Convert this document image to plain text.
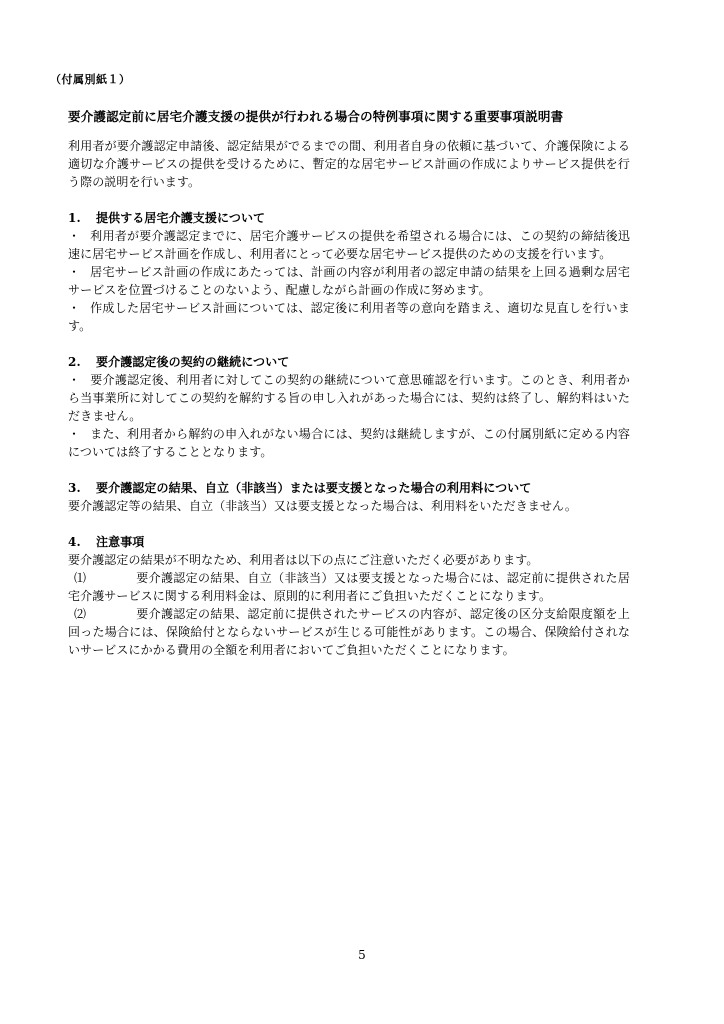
（付属別紙１）
要介護認定前に居宅介護支援の提供が行われる場合の特例事項に関する重要事項説明書

利用者が要介護認定申請後、認定結果がでるまでの間、利用者自身の依頼に基づいて、介護保険による適切な介護サービスの提供を受けるために、暫定的な居宅サービス計画の作成によりサービス提供を行う際の説明を行います。

1. 提供する居宅介護支援について

・ 利用者が要介護認定までに、居宅介護サービスの提供を希望される場合には、この契約の締結後迅速に居宅サービス計画を作成し、利用者にとって必要な居宅サービス提供のための支援を行います。

・ 居宅サービス計画の作成にあたっては、計画の内容が利用者の認定申請の結果を上回る過剰な居宅サービスを位置づけることのないよう、配慮しながら計画の作成に努めます。

・ 作成した居宅サービス計画については、認定後に利用者等の意向を踏まえ、適切な見直しを行います。

2. 要介護認定後の契約の継続について

・ 要介護認定後、利用者に対してこの契約の継続について意思確認を行います。このとき、利用者から当事業所に対してこの契約を解約する旨の申し入れがあった場合には、契約は終了し、解約料はいただきません。

・ また、利用者から解約の申入れがない場合には、契約は継続しますが、この付属別紙に定める内容については終了することとなります。

3. 要介護認定の結果、自立（非該当）または要支援となった場合の利用料について

要介護認定等の結果、自立（非該当）又は要支援となった場合は、利用料をいただきません。

4. 注意事項

要介護認定の結果が不明なため、利用者は以下の点にご注意いただく必要があります。

⑴	要介護認定の結果、自立（非該当）又は要支援となった場合には、認定前に提供された居宅介護サービスに関する利用料金は、原則的に利用者にご負担いただくことになります。

⑵	要介護認定の結果、認定前に提供されたサービスの内容が、認定後の区分支給限度額を上回った場合には、保険給付とならないサービスが生じる可能性があります。この場合、保険給付されないサービスにかかる費用の全額を利用者においてご負担いただくことになります。

5
